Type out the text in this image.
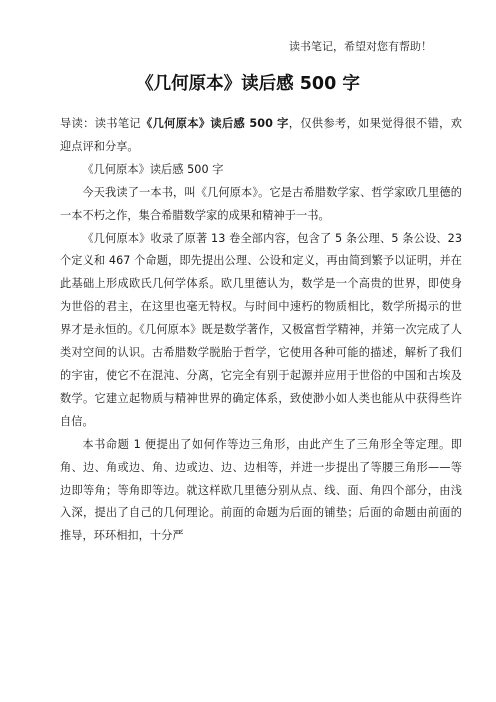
读书笔记，希望对您有帮助！
《几何原本》读后感 500 字

导读：读书笔记《几何原本》读后感 500 字，仅供参考，如果觉得很不错，欢迎点评和分享。

《几何原本》读后感 500 字

今天我读了一本书，叫《几何原本》。它是古希腊数学家、哲学家欧几里德的一本不朽之作，集合希腊数学家的成果和精神于一书。

《几何原本》收录了原著 13 卷全部内容，包含了 5 条公理、5 条公设、23 个定义和 467 个命题，即先提出公理、公设和定义，再由简到繁予以证明，并在此基础上形成欧氏几何学体系。欧几里德认为，数学是一个高贵的世界，即使身为世俗的君主，在这里也毫无特权。与时间中速朽的物质相比，数学所揭示的世界才是永恒的。《几何原本》既是数学著作，又极富哲学精神，并第一次完成了人类对空间的认识。古希腊数学脱胎于哲学，它使用各种可能的描述，解析了我们的宇宙，使它不在混沌、分离，它完全有别于起源并应用于世俗的中国和古埃及数学。它建立起物质与精神世界的确定体系，致使渺小如人类也能从中获得些许自信。

本书命题 1 便提出了如何作等边三角形，由此产生了三角形全等定理。即角、边、角或边、角、边或边、边、边相等，并进一步提出了等腰三角形——等边即等角；等角即等边。就这样欧几里德分别从点、线、面、角四个部分，由浅入深，提出了自己的几何理论。前面的命题为后面的铺垫；后面的命题由前面的推导，环环相扣，十分严
